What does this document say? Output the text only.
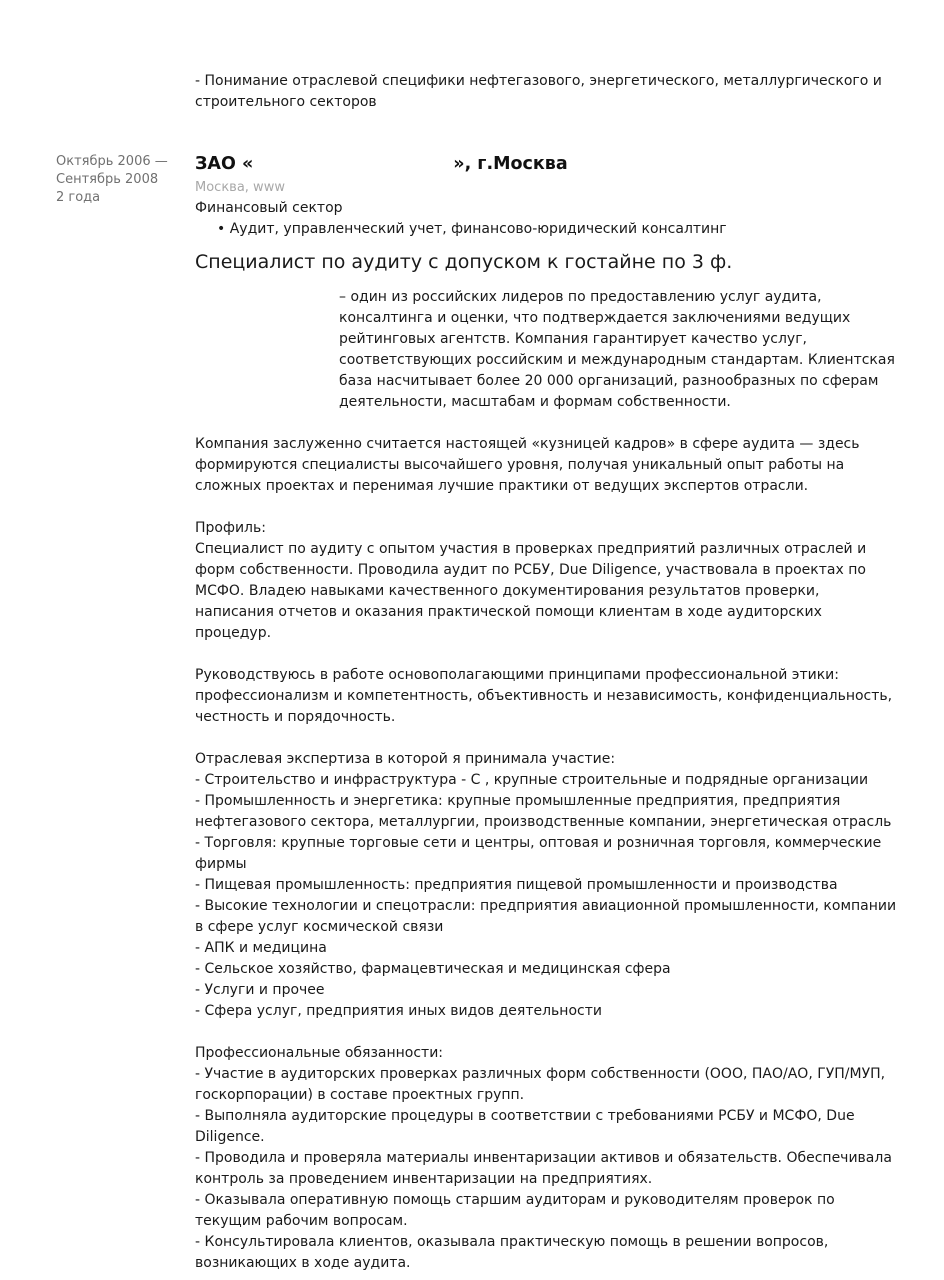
- Понимание отраслевой специфики нефтегазового, энергетического, металлургического и строительного секторов
Октябрь 2006 —
Сентябрь 2008
2 года
ЗАО «	», г.Москва
Москва, www
Финансовый сектор
• Аудит, управленческий учет, финансово-юридический консалтинг
Специалист по аудиту с допуском к гостайне по 3 ф.

– один из российских лидеров по предоставлению услуг аудита, консалтинга и оценки, что подтверждается заключениями ведущих рейтинговых агентств. Компания гарантирует качество услуг, соответствующих российским и международным стандартам. Клиентская база насчитывает более 20 000 организаций, разнообразных по сферам деятельности, масштабам и формам собственности.

Компания заслуженно считается настоящей «кузницей кадров» в сфере аудита — здесь формируются специалисты высочайшего уровня, получая уникальный опыт работы на сложных проектах и перенимая лучшие практики от ведущих экспертов отрасли.

Профиль:

Специалист по аудиту с опытом участия в проверках предприятий различных отраслей и форм собственности. Проводила аудит по РСБУ, Due Diligence, участвовала в проектах по МСФО. Владею навыками качественного документирования результатов проверки, написания отчетов и оказания практической помощи клиентам в ходе аудиторских процедур.

Руководствуюсь в работе основополагающими принципами профессиональной этики: профессионализм и компетентность, объективность и независимость, конфиденциальность, честность и порядочность.

Отраслевая экспертиза в которой я принимала участие:

- Строительство и инфраструктура - С , крупные строительные и подрядные организации

- Промышленность и энергетика: крупные промышленные предприятия, предприятия нефтегазового сектора, металлургии, производственные компании, энергетическая отрасль

- Торговля: крупные торговые сети и центры, оптовая и розничная торговля, коммерческие фирмы

- Пищевая промышленность: предприятия пищевой промышленности и производства

- Высокие технологии и спецотрасли: предприятия авиационной промышленности, компании в сфере услуг космической связи

- АПК и медицина

- Сельское хозяйство, фармацевтическая и медицинская сфера

- Услуги и прочее

- Сфера услуг, предприятия иных видов деятельности

Профессиональные обязанности:

- Участие в аудиторских проверках различных форм собственности (ООО, ПАО/АО, ГУП/МУП, госкорпорации) в составе проектных групп.

- Выполняла аудиторские процедуры в соответствии с требованиями РСБУ и МСФО, Due Diligence.

- Проводила и проверяла материалы инвентаризации активов и обязательств. Обеспечивала контроль за проведением инвентаризации на предприятиях.

- Оказывала оперативную помощь старшим аудиторам и руководителям проверок по текущим рабочим вопросам.

- Консультировала клиентов, оказывала практическую помощь в решении вопросов, возникающих в ходе аудита.
